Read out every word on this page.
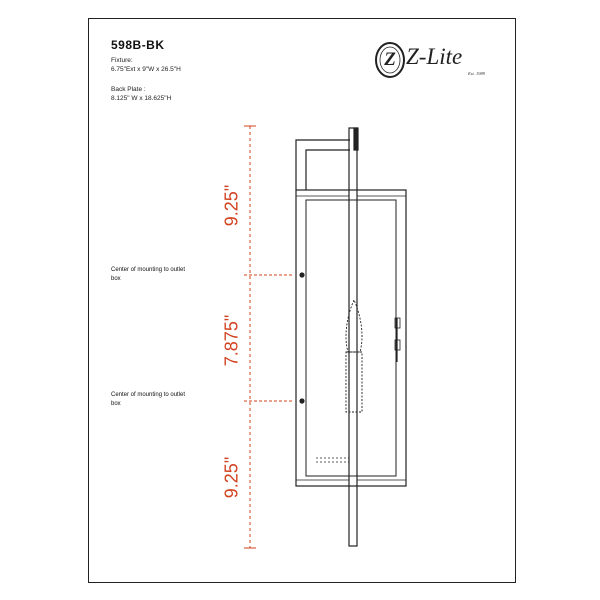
598B-BK
Fixture:
6.75"Ext x 9"W x 26.5"H
Back Plate :
8.125" W x 18.625"H
Center of mounting to outlet box
Center of mounting to outlet box
Z Z-Lite
Est. 1989
9.25"
7.875"
9.25"
